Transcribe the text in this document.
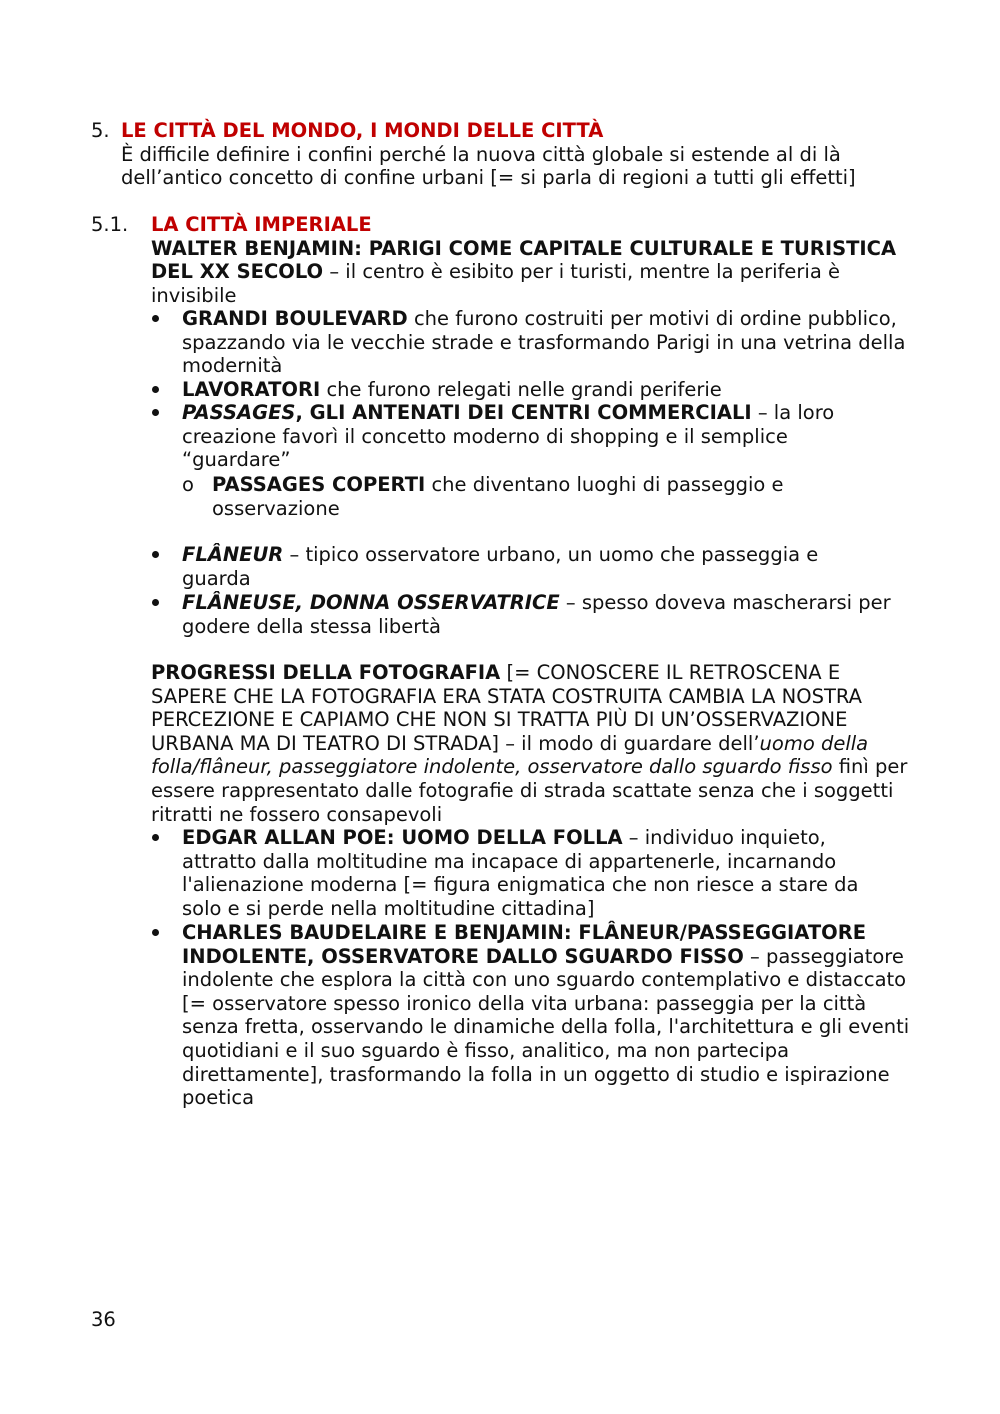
5. LE CITTÀ DEL MONDO, I MONDI DELLE CITTÀ

È difficile definire i confini perché la nuova città globale si estende al di là dell’antico concetto di confine urbani [= si parla di regioni a tutti gli effetti]

5.1. LA CITTÀ IMPERIALE

WALTER BENJAMIN: PARIGI COME CAPITALE CULTURALE E TURISTICA DEL XX SECOLO – il centro è esibito per i turisti, mentre la periferia è invisibile

GRANDI BOULEVARD che furono costruiti per motivi di ordine pubblico, spazzando via le vecchie strade e trasformando Parigi in una vetrina della modernità
LAVORATORI che furono relegati nelle grandi periferie
PASSAGES, GLI ANTENATI DEI CENTRI COMMERCIALI – la loro creazione favorì il concetto moderno di shopping e il semplice “guardare”
o PASSAGES COPERTI che diventano luoghi di passeggio e osservazione
FLÂNEUR – tipico osservatore urbano, un uomo che passeggia e guarda
FLÂNEUSE, DONNA OSSERVATRICE – spesso doveva mascherarsi per godere della stessa libertà
PROGRESSI DELLA FOTOGRAFIA [= CONOSCERE IL RETROSCENA E SAPERE CHE LA FOTOGRAFIA ERA STATA COSTRUITA CAMBIA LA NOSTRA PERCEZIONE E CAPIAMO CHE NON SI TRATTA PIÙ DI UN’OSSERVAZIONE URBANA MA DI TEATRO DI STRADA] – il modo di guardare dell’uomo della folla/flâneur, passeggiatore indolente, osservatore dallo sguardo fisso finì per essere rappresentato dalle fotografie di strada scattate senza che i soggetti ritratti ne fossero consapevoli
EDGAR ALLAN POE: UOMO DELLA FOLLA – individuo inquieto, attratto dalla moltitudine ma incapace di appartenerle, incarnando l'alienazione moderna [= figura enigmatica che non riesce a stare da solo e si perde nella moltitudine cittadina]
CHARLES BAUDELAIRE E BENJAMIN: FLÂNEUR/PASSEGGIATORE INDOLENTE, OSSERVATORE DALLO SGUARDO FISSO – passeggiatore indolente che esplora la città con uno sguardo contemplativo e distaccato [= osservatore spesso ironico della vita urbana: passeggia per la città senza fretta, osservando le dinamiche della folla, l'architettura e gli eventi quotidiani e il suo sguardo è fisso, analitico, ma non partecipa direttamente], trasformando la folla in un oggetto di studio e ispirazione poetica
36
